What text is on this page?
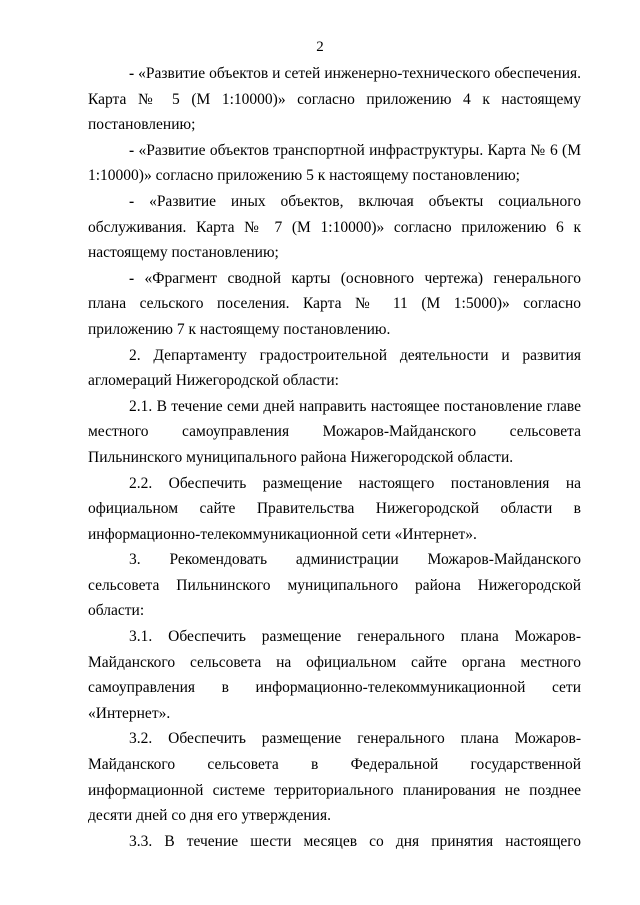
2

- «Развитие объектов и сетей инженерно-технического обеспечения. Карта № 5 (М 1:10000)» согласно приложению 4 к настоящему постановлению;

- «Развитие объектов транспортной инфраструктуры. Карта № 6 (М 1:10000)» согласно приложению 5 к настоящему постановлению;

- «Развитие иных объектов, включая объекты социального обслуживания. Карта № 7 (М 1:10000)» согласно приложению 6 к настоящему постановлению;

- «Фрагмент сводной карты (основного чертежа) генерального плана сельского поселения. Карта № 11 (М 1:5000)» согласно приложению 7 к настоящему постановлению.

2. Департаменту градостроительной деятельности и развития агломераций Нижегородской области:

2.1. В течение семи дней направить настоящее постановление главе местного самоуправления Можаров-Майданского сельсовета Пильнинского муниципального района Нижегородской области.

2.2. Обеспечить размещение настоящего постановления на официальном сайте Правительства Нижегородской области в информационно-телекоммуникационной сети «Интернет».

3. Рекомендовать администрации Можаров-Майданского сельсовета Пильнинского муниципального района Нижегородской области:

3.1. Обеспечить размещение генерального плана Можаров-Майданского сельсовета на официальном сайте органа местного самоуправления в информационно-телекоммуникационной сети «Интернет».

3.2. Обеспечить размещение генерального плана Можаров-Майданского сельсовета в Федеральной государственной информационной системе территориального планирования не позднее десяти дней со дня его утверждения.

3.3. В течение шести месяцев со дня принятия настоящего
